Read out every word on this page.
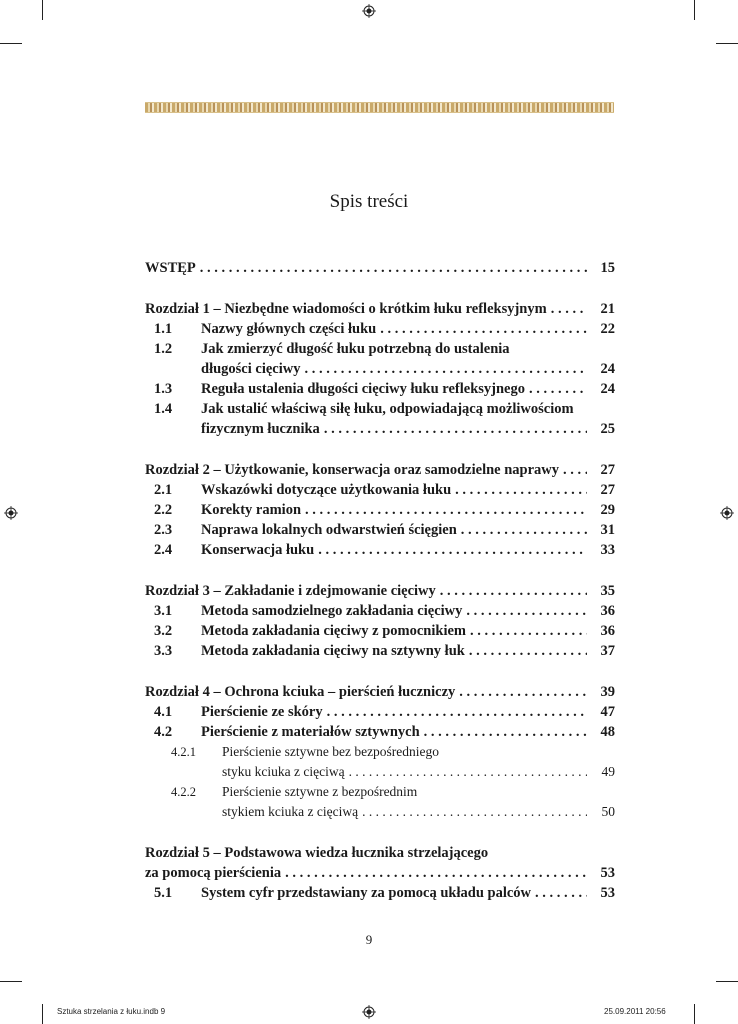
Spis treści
WSTĘP . . .	15
Rozdział 1 – Niezbędne wiadomości o krótkim łuku refleksyjnym . . .	21
1.1 Nazwy głównych części łuku . . .	22
1.2 Jak zmierzyć długość łuku potrzebną do ustalenia
długości cięciwy . . .	24
1.3 Reguła ustalenia długości cięciwy łuku refleksyjnego . . .	24
1.4 Jak ustalić właściwą siłę łuku, odpowiadającą możliwościom
fizycznym łucznika . . .	25
Rozdział 2 – Użytkowanie, konserwacja oraz samodzielne naprawy . . .	27
2.1 Wskazówki dotyczące użytkowania łuku . . .	27
2.2 Korekty ramion . . .	29
2.3 Naprawa lokalnych odwarstwień ścięgien . . .	31
2.4 Konserwacja łuku . . .	33
Rozdział 3 – Zakładanie i zdejmowanie cięciwy . . .	35
3.1 Metoda samodzielnego zakładania cięciwy . . .	36
3.2 Metoda zakładania cięciwy z pomocnikiem . . .	36
3.3 Metoda zakładania cięciwy na sztywny łuk . . .	37
Rozdział 4 – Ochrona kciuka – pierścień łuczniczy . . .	39
4.1 Pierścienie ze skóry . . .	47
4.2 Pierścienie z materiałów sztywnych . . .	48
4.2.1 Pierścienie sztywne bez bezpośredniego
styku kciuka z cięciwą . . .	49
4.2.2 Pierścienie sztywne z bezpośrednim
stykiem kciuka z cięciwą . . .	50
Rozdział 5 – Podstawowa wiedza łucznika strzelającego
za pomocą pierścienia . . .	53
5.1 System cyfr przedstawiany za pomocą układu palców . . .	53
9
Sztuka strzelania z łuku.indb 9	25.09.2011 20:56
